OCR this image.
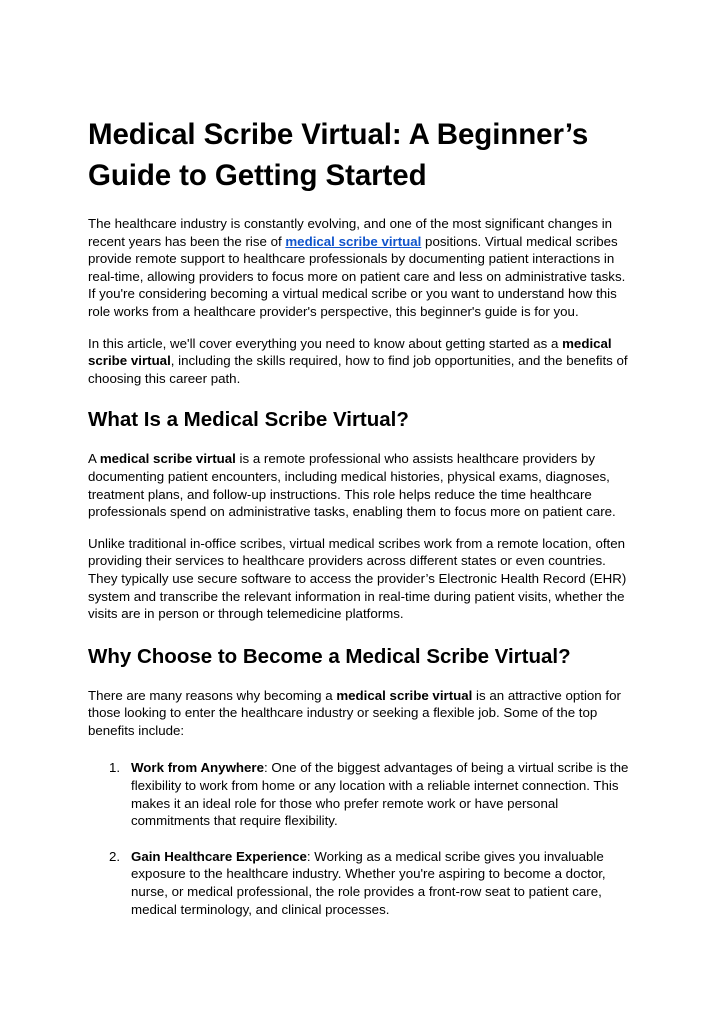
Medical Scribe Virtual: A Beginner’s Guide to Getting Started

The healthcare industry is constantly evolving, and one of the most significant changes in recent years has been the rise of medical scribe virtual positions. Virtual medical scribes provide remote support to healthcare professionals by documenting patient interactions in real-time, allowing providers to focus more on patient care and less on administrative tasks. If you're considering becoming a virtual medical scribe or you want to understand how this role works from a healthcare provider's perspective, this beginner's guide is for you.

In this article, we'll cover everything you need to know about getting started as a medical scribe virtual, including the skills required, how to find job opportunities, and the benefits of choosing this career path.

What Is a Medical Scribe Virtual?

A medical scribe virtual is a remote professional who assists healthcare providers by documenting patient encounters, including medical histories, physical exams, diagnoses, treatment plans, and follow-up instructions. This role helps reduce the time healthcare professionals spend on administrative tasks, enabling them to focus more on patient care.

Unlike traditional in-office scribes, virtual medical scribes work from a remote location, often providing their services to healthcare providers across different states or even countries. They typically use secure software to access the provider’s Electronic Health Record (EHR) system and transcribe the relevant information in real-time during patient visits, whether the visits are in person or through telemedicine platforms.

Why Choose to Become a Medical Scribe Virtual?

There are many reasons why becoming a medical scribe virtual is an attractive option for those looking to enter the healthcare industry or seeking a flexible job. Some of the top benefits include:

1. Work from Anywhere: One of the biggest advantages of being a virtual scribe is the flexibility to work from home or any location with a reliable internet connection. This makes it an ideal role for those who prefer remote work or have personal commitments that require flexibility.
2. Gain Healthcare Experience: Working as a medical scribe gives you invaluable exposure to the healthcare industry. Whether you're aspiring to become a doctor, nurse, or medical professional, the role provides a front-row seat to patient care, medical terminology, and clinical processes.
